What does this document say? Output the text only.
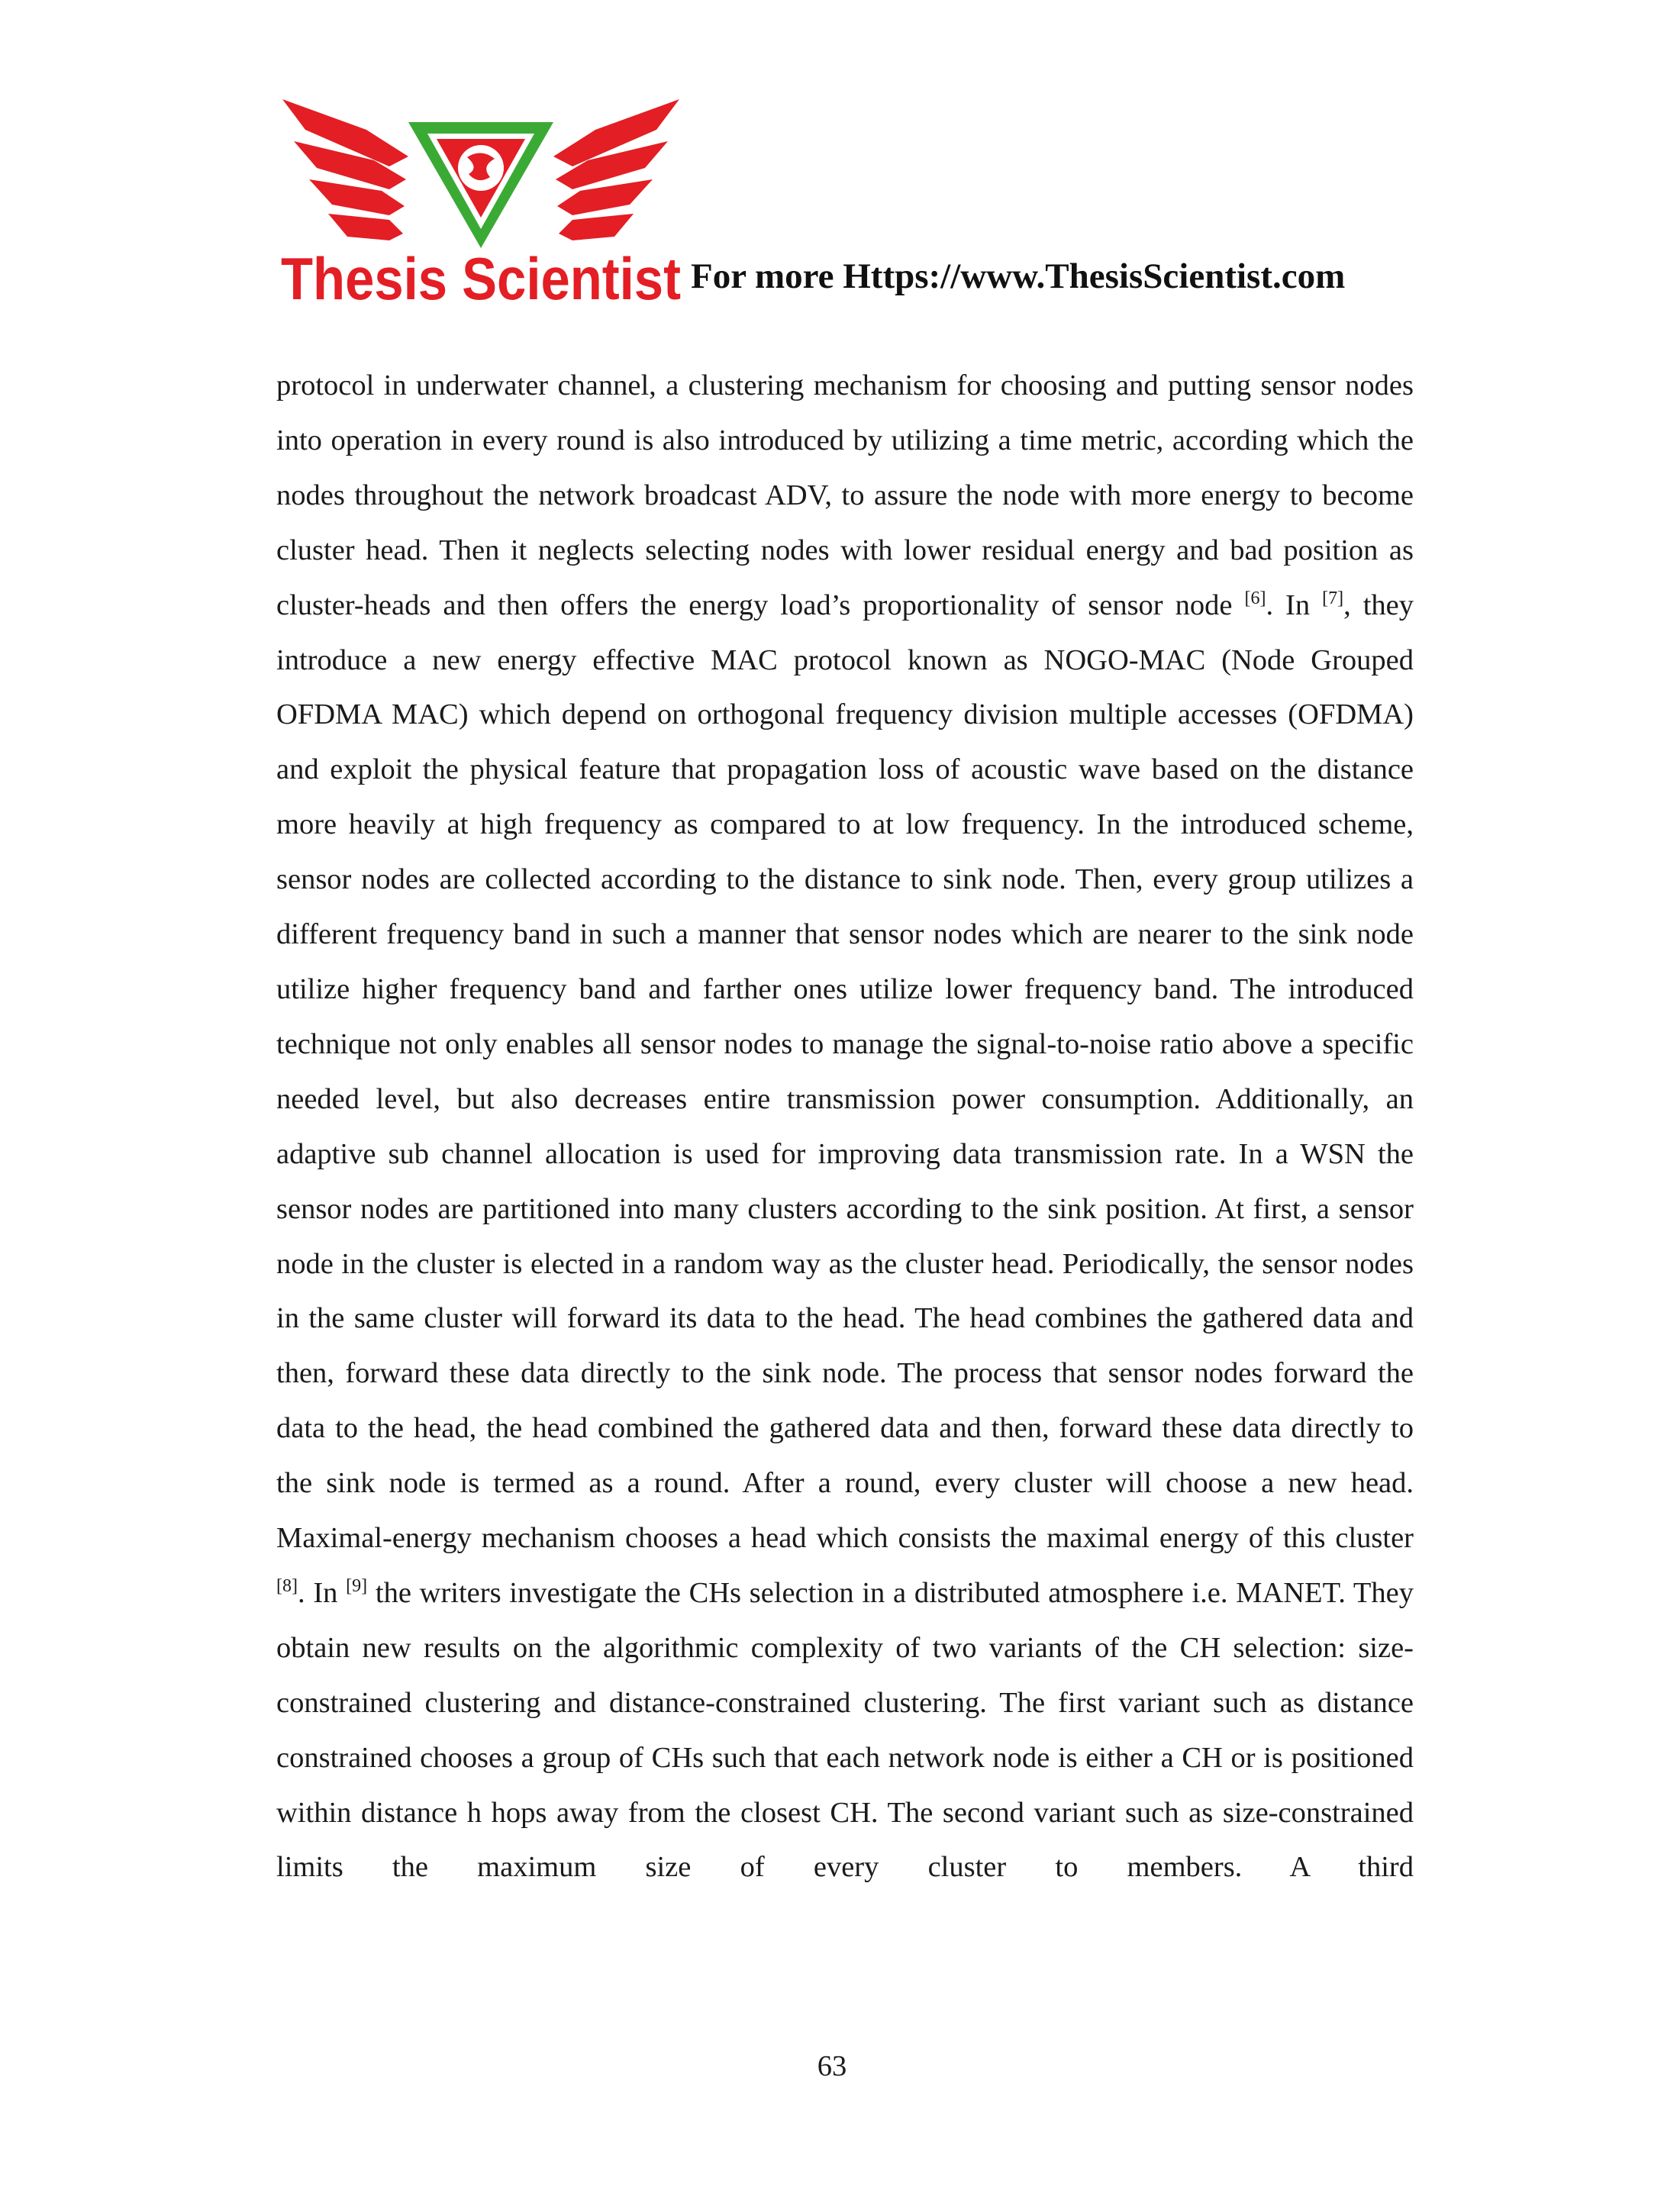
Thesis Scientist For more Https://www.ThesisScientist.com

protocol in underwater channel, a clustering mechanism for choosing and putting sensor nodes into operation in every round is also introduced by utilizing a time metric, according which the nodes throughout the network broadcast ADV, to assure the node with more energy to become cluster head. Then it neglects selecting nodes with lower residual energy and bad position as cluster-heads and then offers the energy load’s proportionality of sensor node [6]. In [7], they introduce a new energy effective MAC protocol known as NOGO-MAC (Node Grouped OFDMA MAC) which depend on orthogonal frequency division multiple accesses (OFDMA) and exploit the physical feature that propagation loss of acoustic wave based on the distance more heavily at high frequency as compared to at low frequency. In the introduced scheme, sensor nodes are collected according to the distance to sink node. Then, every group utilizes a different frequency band in such a manner that sensor nodes which are nearer to the sink node utilize higher frequency band and farther ones utilize lower frequency band. The introduced technique not only enables all sensor nodes to manage the signal-to-noise ratio above a specific needed level, but also decreases entire transmission power consumption. Additionally, an adaptive sub channel allocation is used for improving data transmission rate. In a WSN the sensor nodes are partitioned into many clusters according to the sink position. At first, a sensor node in the cluster is elected in a random way as the cluster head. Periodically, the sensor nodes in the same cluster will forward its data to the head. The head combines the gathered data and then, forward these data directly to the sink node. The process that sensor nodes forward the data to the head, the head combined the gathered data and then, forward these data directly to the sink node is termed as a round. After a round, every cluster will choose a new head. Maximal-energy mechanism chooses a head which consists the maximal energy of this cluster [8]. In [9] the writers investigate the CHs selection in a distributed atmosphere i.e. MANET. They obtain new results on the algorithmic complexity of two variants of the CH selection: size-constrained clustering and distance-constrained clustering. The first variant such as distance constrained chooses a group of CHs such that each network node is either a CH or is positioned within distance h hops away from the closest CH. The second variant such as size-constrained limits the maximum size of every cluster to members. A third

63
